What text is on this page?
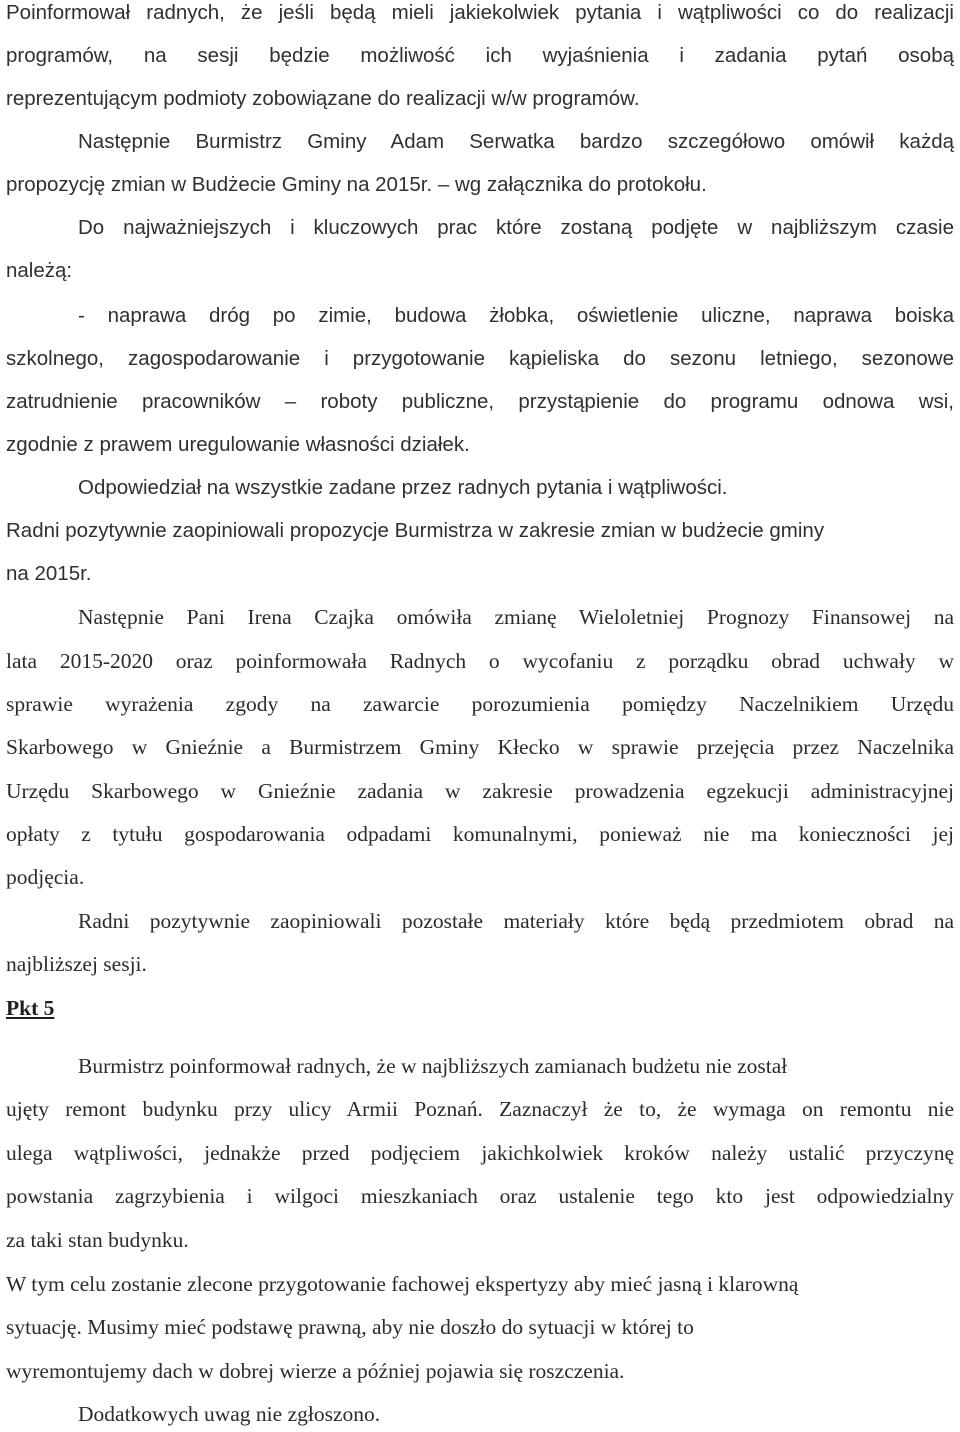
Poinformował radnych, że jeśli będą mieli jakiekolwiek pytania i wątpliwości co do realizacji
programów, na sesji będzie możliwość ich wyjaśnienia i zadania pytań osobą
reprezentującym podmioty zobowiązane do realizacji w/w programów.
Następnie Burmistrz Gminy Adam Serwatka bardzo szczegółowo omówił każdą
propozycję zmian w Budżecie Gminy na 2015r. – wg załącznika do protokołu.
Do najważniejszych i kluczowych prac które zostaną podjęte w najbliższym czasie
należą:
- naprawa dróg po zimie, budowa żłobka, oświetlenie uliczne, naprawa boiska
szkolnego, zagospodarowanie i przygotowanie kąpieliska do sezonu letniego, sezonowe
zatrudnienie pracowników – roboty publiczne, przystąpienie do programu odnowa wsi,
zgodnie z prawem uregulowanie własności działek.
Odpowiedział na wszystkie zadane przez radnych pytania i wątpliwości.
Radni pozytywnie zaopiniowali propozycje Burmistrza w zakresie zmian w budżecie gminy
na 2015r.
Następnie Pani Irena Czajka omówiła zmianę Wieloletniej Prognozy Finansowej na
lata 2015-2020 oraz poinformowała Radnych o wycofaniu z porządku obrad uchwały w
sprawie wyrażenia zgody na zawarcie porozumienia pomiędzy Naczelnikiem Urzędu
Skarbowego w Gnieźnie a Burmistrzem Gminy Kłecko w sprawie przejęcia przez Naczelnika
Urzędu Skarbowego w Gnieźnie zadania w zakresie prowadzenia egzekucji administracyjnej
opłaty z tytułu gospodarowania odpadami komunalnymi, ponieważ nie ma konieczności jej
podjęcia.
Radni pozytywnie zaopiniowali pozostałe materiały które będą przedmiotem obrad na
najbliższej sesji.
Pkt 5
Burmistrz poinformował radnych, że w najbliższych zamianach budżetu nie został
ujęty remont budynku przy ulicy Armii Poznań. Zaznaczył że to, że wymaga on remontu nie
ulega wątpliwości, jednakże przed podjęciem jakichkolwiek kroków należy ustalić przyczynę
powstania zagrzybienia i wilgoci mieszkaniach oraz ustalenie tego kto jest odpowiedzialny
za taki stan budynku.
W tym celu zostanie zlecone przygotowanie fachowej ekspertyzy aby mieć jasną i klarowną
sytuację. Musimy mieć podstawę prawną, aby nie doszło do sytuacji w której to
wyremontujemy dach w dobrej wierze a później pojawia się roszczenia.
Dodatkowych uwag nie zgłoszono.
